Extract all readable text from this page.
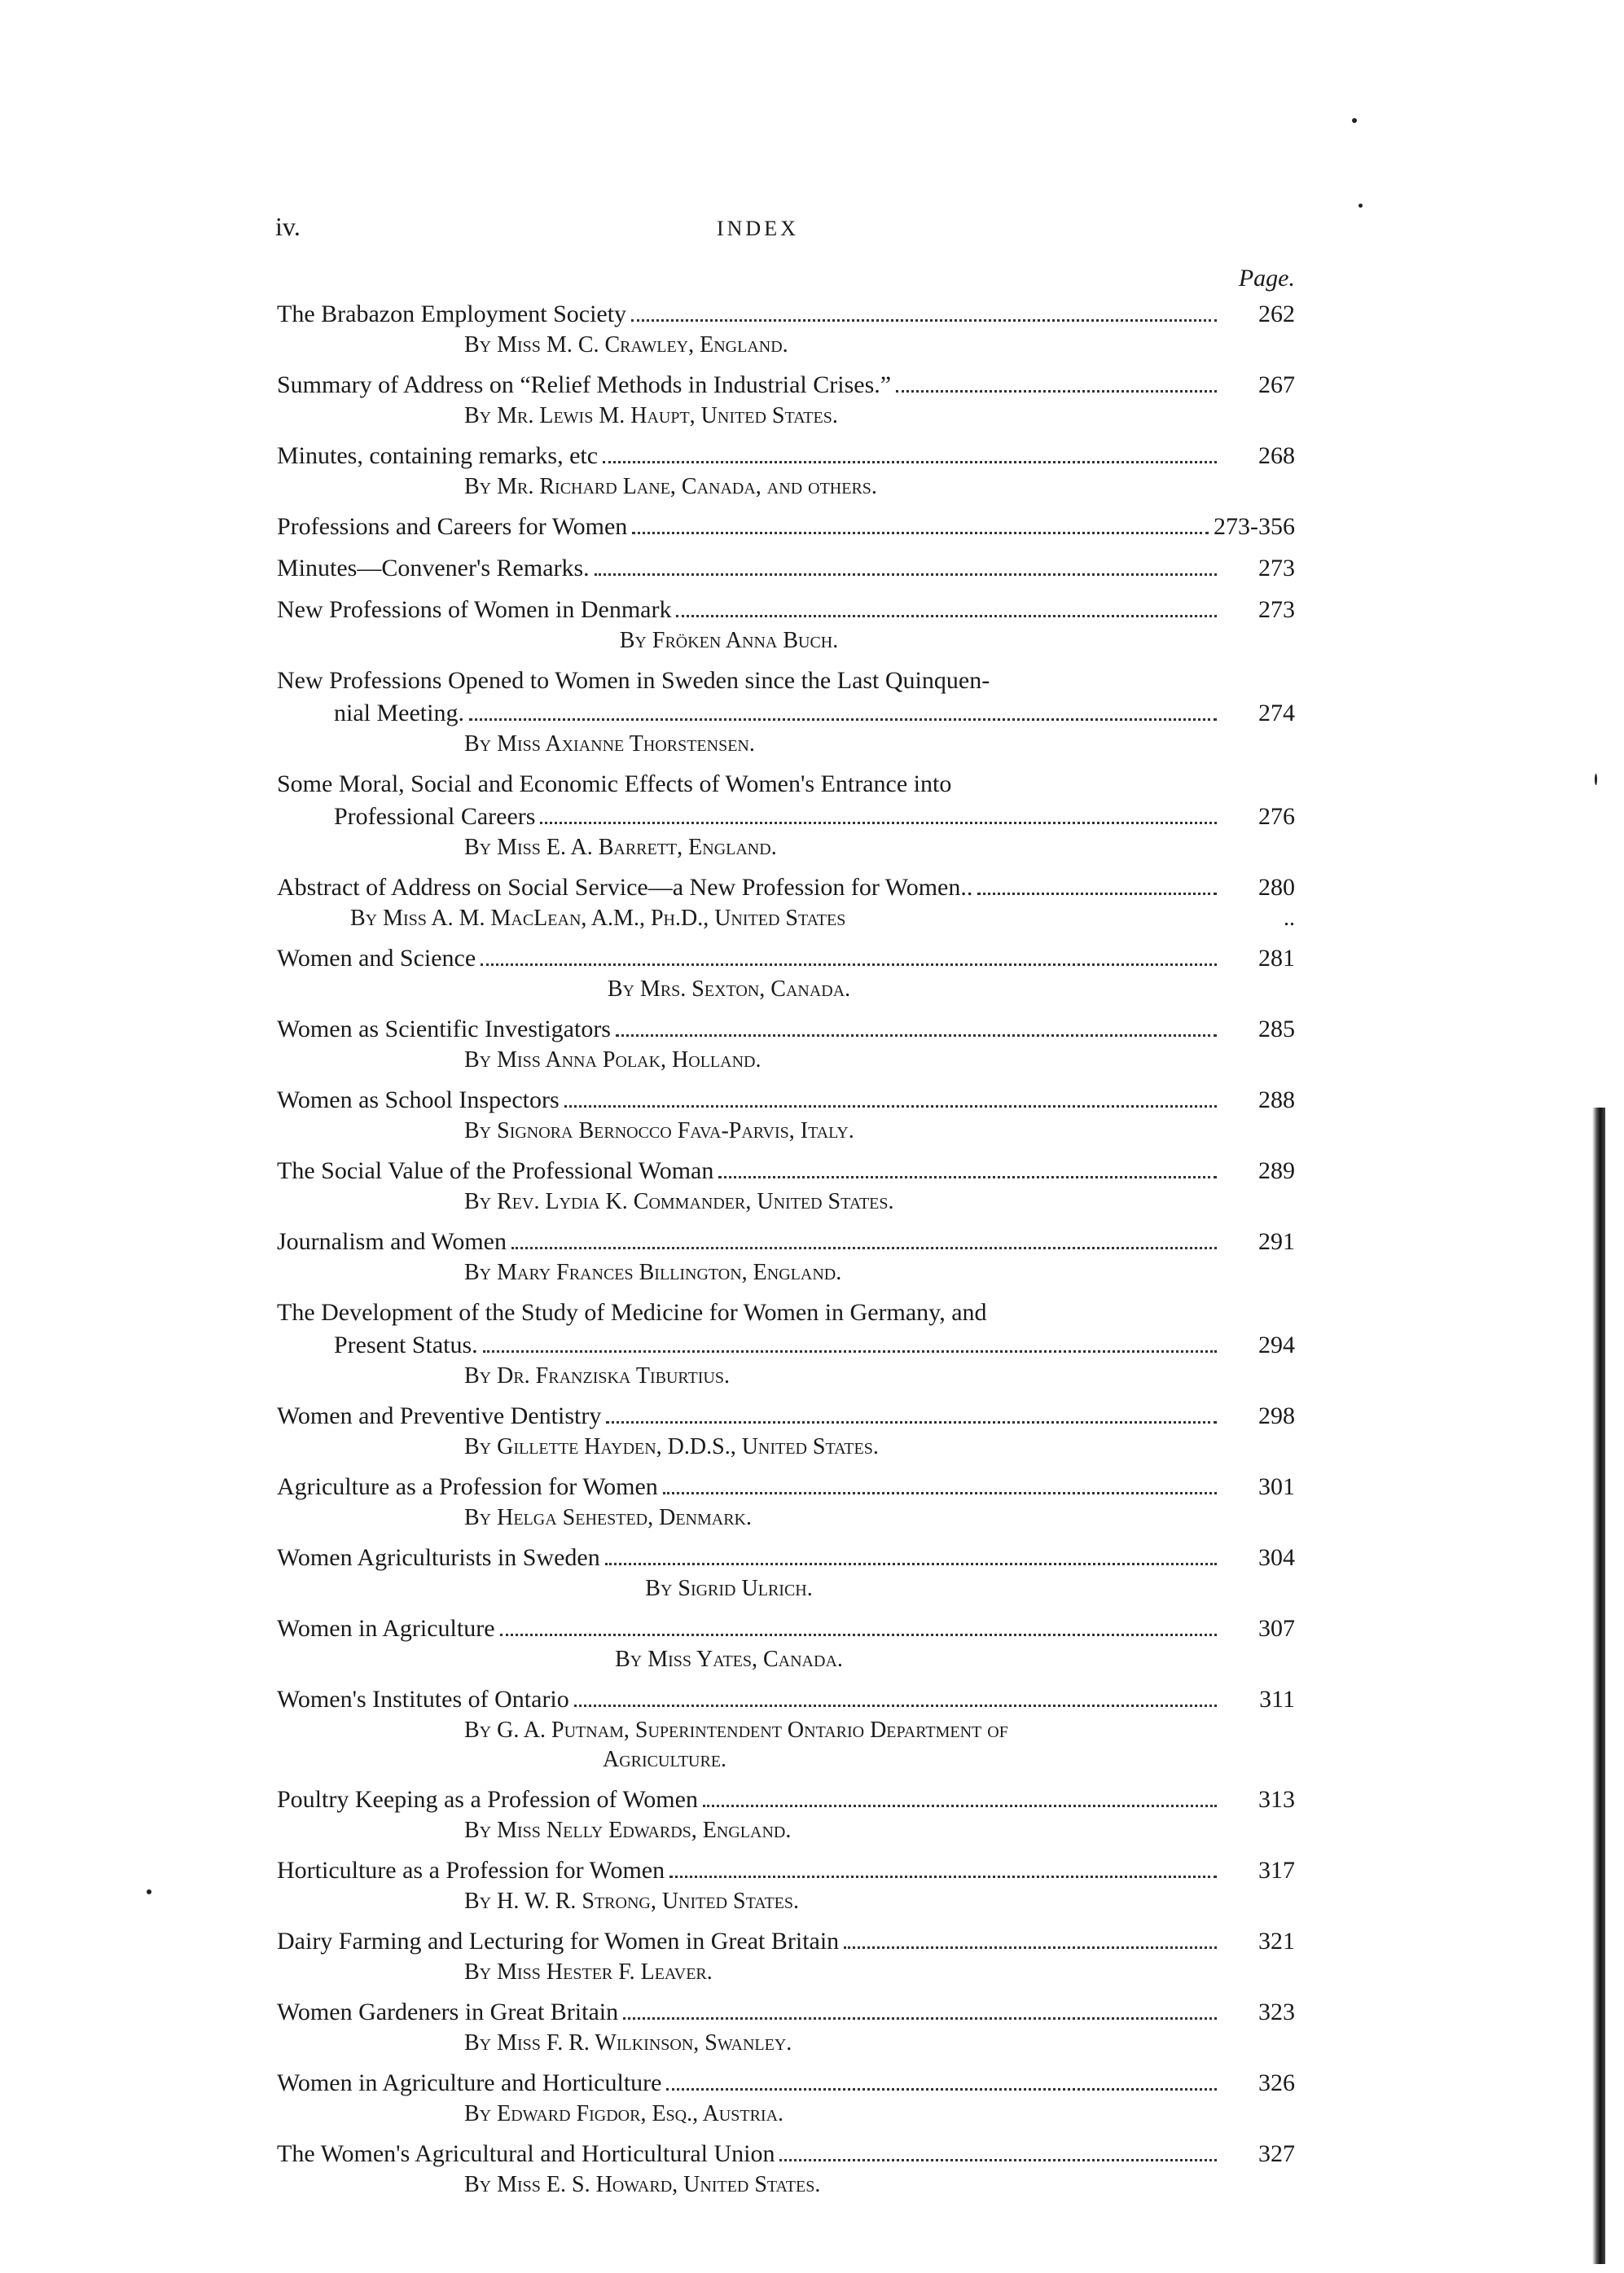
iv.	INDEX
Page.
The Brabazon Employment Society	262
By Miss M. C. Crawley, England.
Summary of Address on “Relief Methods in Industrial Crises.”	267
By Mr. Lewis M. Haupt, United States.
Minutes, containing remarks, etc	268
By Mr. Richard Lane, Canada, and others.
Professions and Careers for Women	273-356
Minutes—Convener's Remarks.	273
New Professions of Women in Denmark	273
By Fröken Anna Buch.
New Professions Opened to Women in Sweden since the Last Quinquen-
nial Meeting.	274
By Miss Axianne Thorstensen.
Some Moral, Social and Economic Effects of Women's Entrance into
Professional Careers	276
By Miss E. A. Barrett, England.
Abstract of Address on Social Service—a New Profession for Women..	280
By Miss A. M. MacLean, A.M., Ph.D., United States	..
Women and Science	281
By Mrs. Sexton, Canada.
Women as Scientific Investigators	285
By Miss Anna Polak, Holland.
Women as School Inspectors	288
By Signora Bernocco Fava-Parvis, Italy.
The Social Value of the Professional Woman	289
By Rev. Lydia K. Commander, United States.
Journalism and Women	291
By Mary Frances Billington, England.
The Development of the Study of Medicine for Women in Germany, and
Present Status.	294
By Dr. Franziska Tiburtius.
Women and Preventive Dentistry	298
By Gillette Hayden, D.D.S., United States.
Agriculture as a Profession for Women	301
By Helga Sehested, Denmark.
Women Agriculturists in Sweden	304
By Sigrid Ulrich.
Women in Agriculture	307
By Miss Yates, Canada.
Women's Institutes of Ontario	311
By G. A. Putnam, Superintendent Ontario Department of
Agriculture.
Poultry Keeping as a Profession of Women	313
By Miss Nelly Edwards, England.
Horticulture as a Profession for Women	317
By H. W. R. Strong, United States.
Dairy Farming and Lecturing for Women in Great Britain	321
By Miss Hester F. Leaver.
Women Gardeners in Great Britain	323
By Miss F. R. Wilkinson, Swanley.
Women in Agriculture and Horticulture	326
By Edward Figdor, Esq., Austria.
The Women's Agricultural and Horticultural Union	327
By Miss E. S. Howard, United States.
